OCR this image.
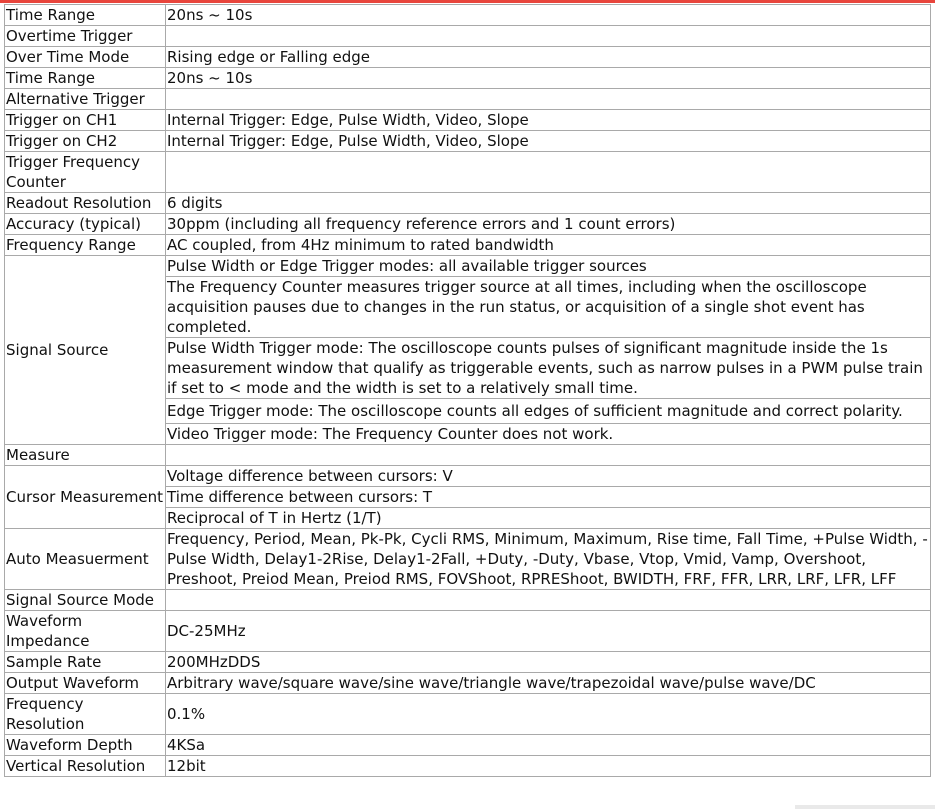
Time Range	20ns ~ 10s
Overtime Trigger	
Over Time Mode	Rising edge or Falling edge
Time Range	20ns ~ 10s
Alternative Trigger	
Trigger on CH1	Internal Trigger: Edge, Pulse Width, Video, Slope
Trigger on CH2	Internal Trigger: Edge, Pulse Width, Video, Slope
Trigger Frequency Counter	
Readout Resolution	6 digits
Accuracy (typical)	30ppm (including all frequency reference errors and 1 count errors)
Frequency Range	AC coupled, from 4Hz minimum to rated bandwidth
Signal Source	Pulse Width or Edge Trigger modes: all available trigger sources
	The Frequency Counter measures trigger source at all times, including when the oscilloscope acquisition pauses due to changes in the run status, or acquisition of a single shot event has completed.
	Pulse Width Trigger mode: The oscilloscope counts pulses of significant magnitude inside the 1s measurement window that qualify as triggerable events, such as narrow pulses in a PWM pulse train if set to < mode and the width is set to a relatively small time.
	Edge Trigger mode: The oscilloscope counts all edges of sufficient magnitude and correct polarity.
	Video Trigger mode: The Frequency Counter does not work.
Measure	
Cursor Measurement	Voltage difference between cursors: V
	Time difference between cursors: T
	Reciprocal of T in Hertz (1/T)
Auto Measuerment	Frequency, Period, Mean, Pk-Pk, Cycli RMS, Minimum, Maximum, Rise time, Fall Time, +Pulse Width, -Pulse Width, Delay1-2Rise, Delay1-2Fall, +Duty, -Duty, Vbase, Vtop, Vmid, Vamp, Overshoot, Preshoot, Preiod Mean, Preiod RMS, FOVShoot, RPREShoot, BWIDTH, FRF, FFR, LRR, LRF, LFR, LFF
Signal Source Mode	
Waveform Impedance	DC-25MHz
Sample Rate	200MHzDDS
Output Waveform	Arbitrary wave/square wave/sine wave/triangle wave/trapezoidal wave/pulse wave/DC
Frequency Resolution	0.1%
Waveform Depth	4KSa
Vertical Resolution	12bit
